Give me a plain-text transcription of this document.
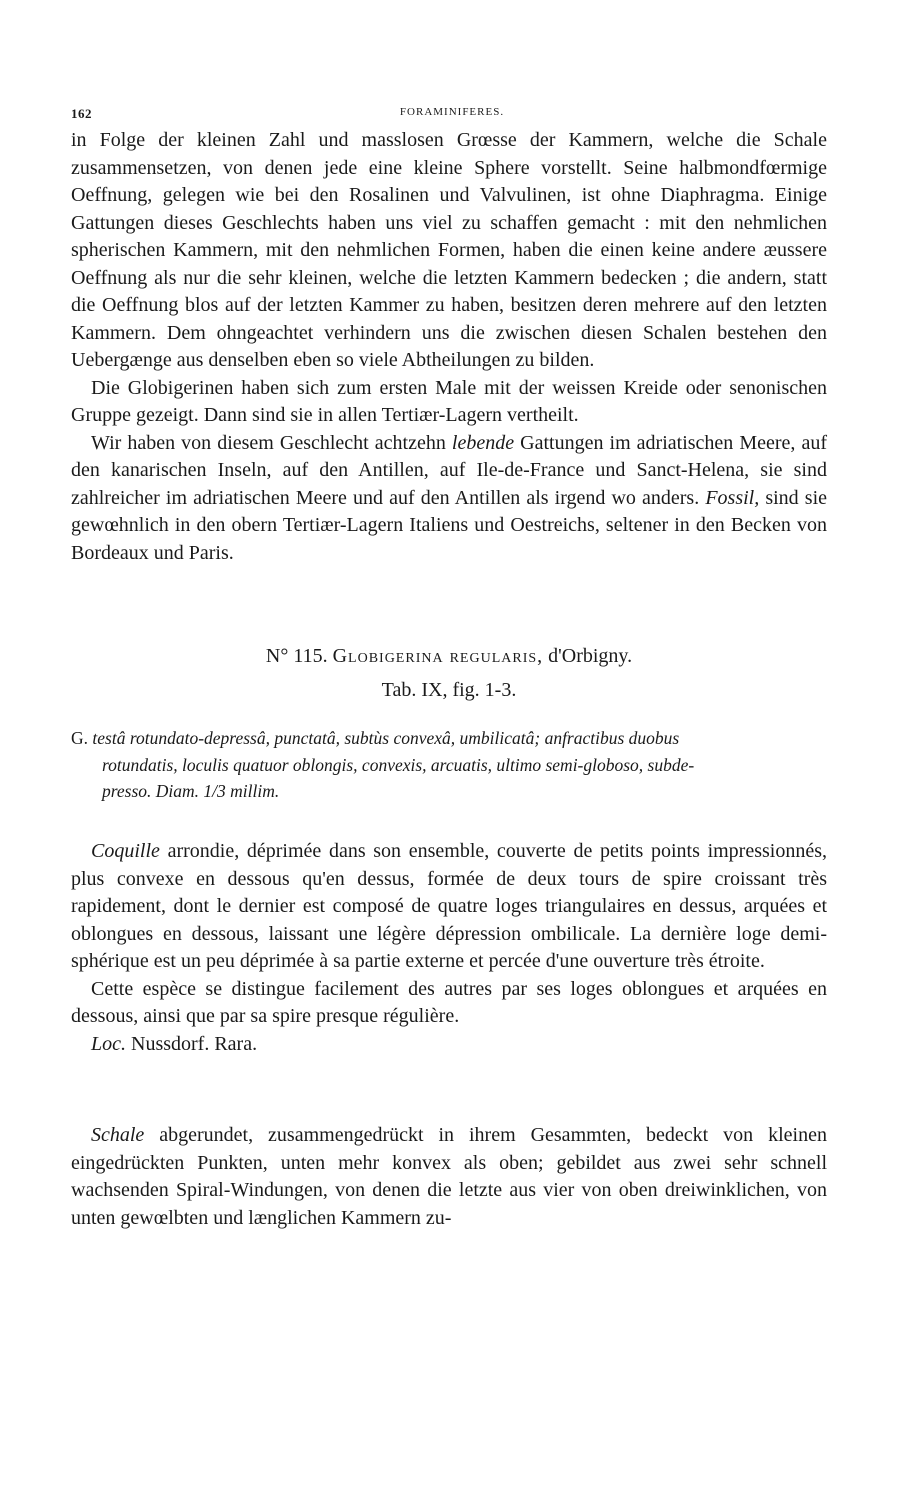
162	FORAMINIFERES.

in Folge der kleinen Zahl und masslosen Grœsse der Kammern, welche die Schale zusammensetzen, von denen jede eine kleine Sphere vorstellt. Seine halbmondfœrmige Oeffnung, gelegen wie bei den Rosalinen und Valvulinen, ist ohne Diaphragma. Einige Gattungen dieses Geschlechts haben uns viel zu schaffen gemacht : mit den nehmlichen spherischen Kammern, mit den nehmlichen Formen, haben die einen keine andere æussere Oeffnung als nur die sehr kleinen, welche die letzten Kammern bedecken ; die andern, statt die Oeffnung blos auf der letzten Kammer zu haben, besitzen deren mehrere auf den letzten Kammern. Dem ohngeachtet verhindern uns die zwischen diesen Schalen bestehen den Uebergænge aus denselben eben so viele Abtheilungen zu bilden.

Die Globigerinen haben sich zum ersten Male mit der weissen Kreide oder senonischen Gruppe gezeigt. Dann sind sie in allen Tertiær-Lagern vertheilt.

Wir haben von diesem Geschlecht achtzehn lebende Gattungen im adriatischen Meere, auf den kanarischen Inseln, auf den Antillen, auf Ile-de-France und Sanct-Helena, sie sind zahlreicher im adriatischen Meere und auf den Antillen als irgend wo anders. Fossil, sind sie gewœhnlich in den obern Tertiær-Lagern Italiens und Oestreichs, seltener in den Becken von Bordeaux und Paris.

N° 115. Globigerina regularis, d'Orbigny.
Tab. IX, fig. 1-3.
G. testâ rotundato-depressâ, punctatâ, subtùs convexâ, umbilicatâ; anfractibus duobus
rotundatis, loculis quatuor oblongis, convexis, arcuatis, ultimo semi-globoso, subde-
presso. Diam. 1/3 millim.

Coquille arrondie, déprimée dans son ensemble, couverte de petits points impressionnés, plus convexe en dessous qu'en dessus, formée de deux tours de spire croissant très rapidement, dont le dernier est composé de quatre loges triangulaires en dessus, arquées et oblongues en dessous, laissant une légère dépression ombilicale. La dernière loge demi-sphérique est un peu déprimée à sa partie externe et percée d'une ouverture très étroite.

Cette espèce se distingue facilement des autres par ses loges oblongues et arquées en dessous, ainsi que par sa spire presque régulière.

Loc. Nussdorf. Rara.

Schale abgerundet, zusammengedrückt in ihrem Gesammten, bedeckt von kleinen eingedrückten Punkten, unten mehr konvex als oben; gebildet aus zwei sehr schnell wachsenden Spiral-Windungen, von denen die letzte aus vier von oben dreiwinklichen, von unten gewœlbten und længlichen Kammern zu-
